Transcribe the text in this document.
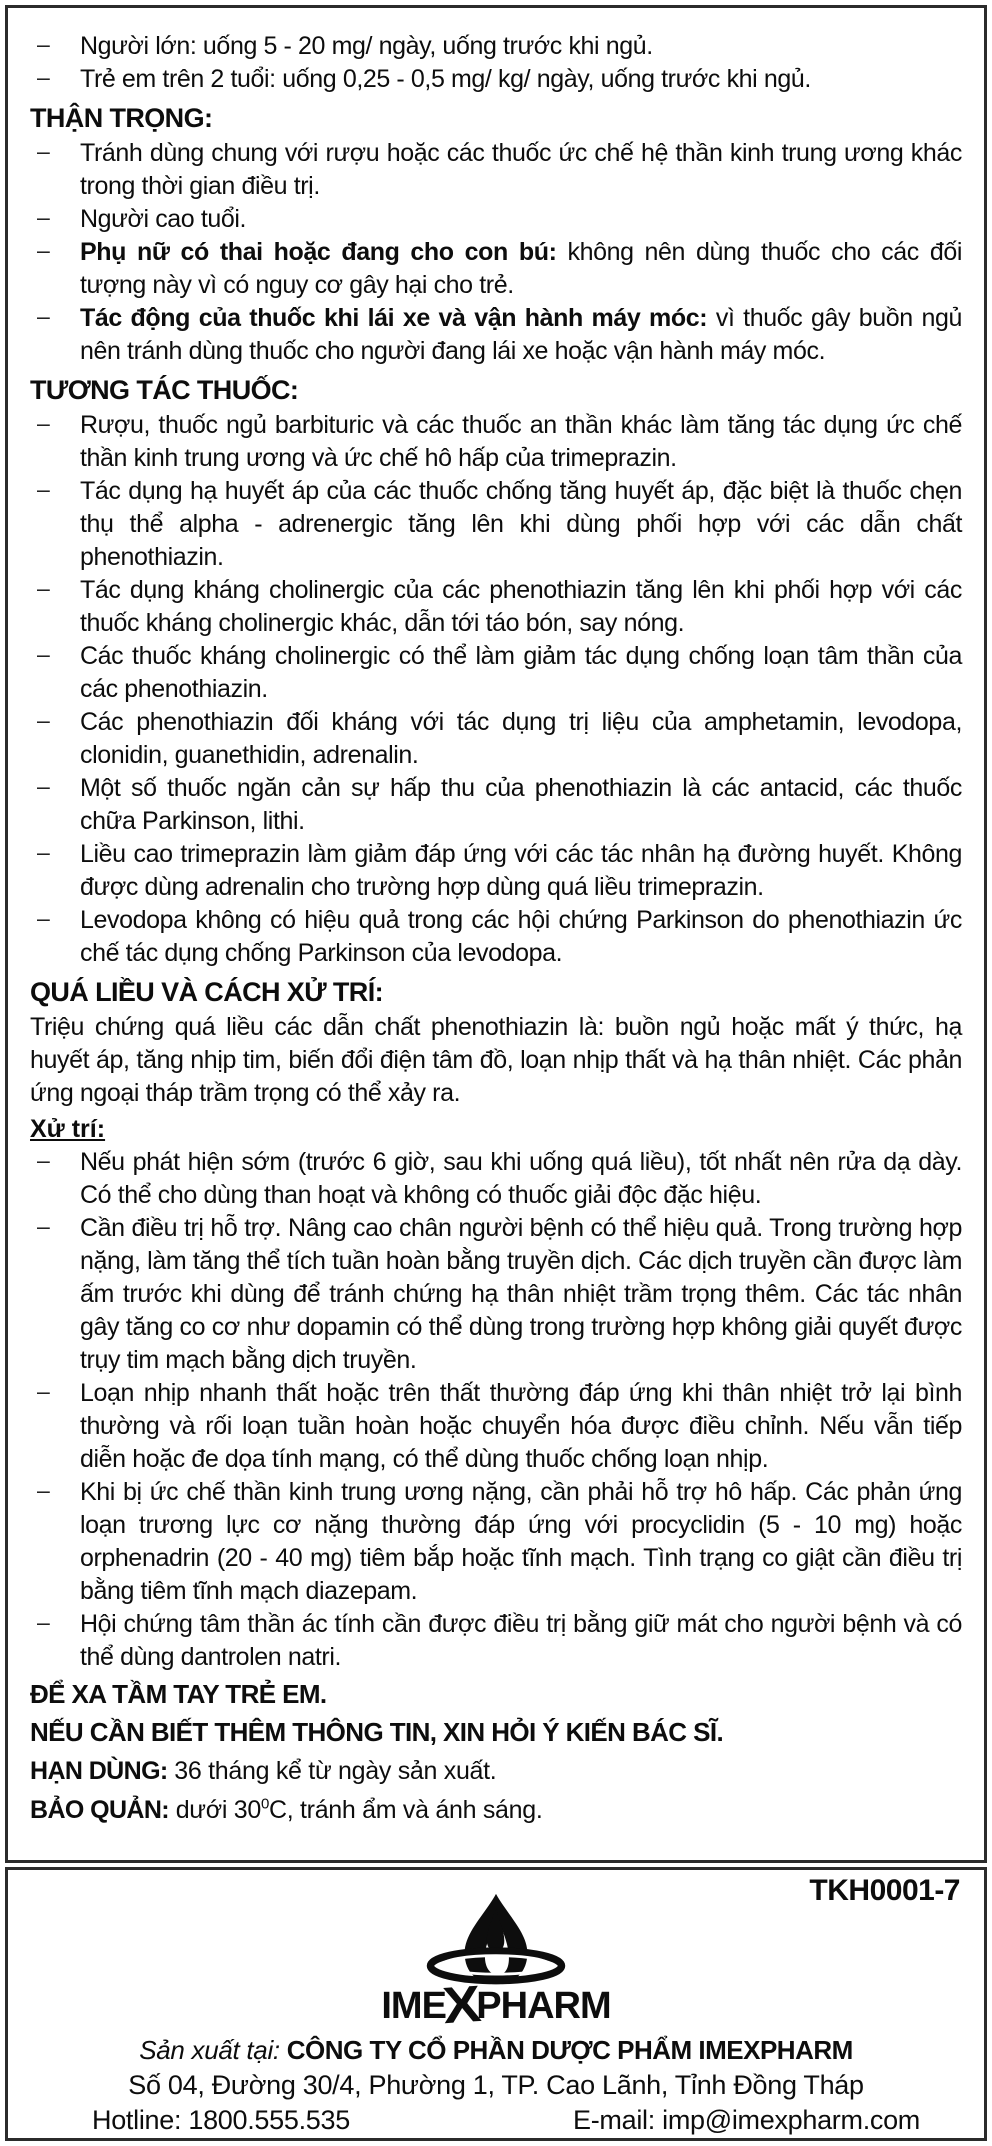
– Người lớn: uống 5 - 20 mg/ ngày, uống trước khi ngủ.
– Trẻ em trên 2 tuổi: uống 0,25 - 0,5 mg/ kg/ ngày, uống trước khi ngủ.
THẬN TRỌNG:
– Tránh dùng chung với rượu hoặc các thuốc ức chế hệ thần kinh trung ương khác trong thời gian điều trị.
– Người cao tuổi.
– Phụ nữ có thai hoặc đang cho con bú: không nên dùng thuốc cho các đối tượng này vì có nguy cơ gây hại cho trẻ.
– Tác động của thuốc khi lái xe và vận hành máy móc: vì thuốc gây buồn ngủ nên tránh dùng thuốc cho người đang lái xe hoặc vận hành máy móc.
TƯƠNG TÁC THUỐC:
– Rượu, thuốc ngủ barbituric và các thuốc an thần khác làm tăng tác dụng ức chế thần kinh trung ương và ức chế hô hấp của trimeprazin.
– Tác dụng hạ huyết áp của các thuốc chống tăng huyết áp, đặc biệt là thuốc chẹn thụ thể alpha - adrenergic tăng lên khi dùng phối hợp với các dẫn chất phenothiazin.
– Tác dụng kháng cholinergic của các phenothiazin tăng lên khi phối hợp với các thuốc kháng cholinergic khác, dẫn tới táo bón, say nóng.
– Các thuốc kháng cholinergic có thể làm giảm tác dụng chống loạn tâm thần của các phenothiazin.
– Các phenothiazin đối kháng với tác dụng trị liệu của amphetamin, levodopa, clonidin, guanethidin, adrenalin.
– Một số thuốc ngăn cản sự hấp thu của phenothiazin là các antacid, các thuốc chữa Parkinson, lithi.
– Liều cao trimeprazin làm giảm đáp ứng với các tác nhân hạ đường huyết. Không được dùng adrenalin cho trường hợp dùng quá liều trimeprazin.
– Levodopa không có hiệu quả trong các hội chứng Parkinson do phenothiazin ức chế tác dụng chống Parkinson của levodopa.
QUÁ LIỀU VÀ CÁCH XỬ TRÍ:
Triệu chứng quá liều các dẫn chất phenothiazin là: buồn ngủ hoặc mất ý thức, hạ huyết áp, tăng nhịp tim, biến đổi điện tâm đồ, loạn nhịp thất và hạ thân nhiệt. Các phản ứng ngoại tháp trầm trọng có thể xảy ra.
Xử trí:
– Nếu phát hiện sớm (trước 6 giờ, sau khi uống quá liều), tốt nhất nên rửa dạ dày. Có thể cho dùng than hoạt và không có thuốc giải độc đặc hiệu.
– Cần điều trị hỗ trợ. Nâng cao chân người bệnh có thể hiệu quả. Trong trường hợp nặng, làm tăng thể tích tuần hoàn bằng truyền dịch. Các dịch truyền cần được làm ấm trước khi dùng để tránh chứng hạ thân nhiệt trầm trọng thêm. Các tác nhân gây tăng co cơ như dopamin có thể dùng trong trường hợp không giải quyết được trụy tim mạch bằng dịch truyền.
– Loạn nhịp nhanh thất hoặc trên thất thường đáp ứng khi thân nhiệt trở lại bình thường và rối loạn tuần hoàn hoặc chuyển hóa được điều chỉnh. Nếu vẫn tiếp diễn hoặc đe dọa tính mạng, có thể dùng thuốc chống loạn nhịp.
– Khi bị ức chế thần kinh trung ương nặng, cần phải hỗ trợ hô hấp. Các phản ứng loạn trương lực cơ nặng thường đáp ứng với procyclidin (5 - 10 mg) hoặc orphenadrin (20 - 40 mg) tiêm bắp hoặc tĩnh mạch. Tình trạng co giật cần điều trị bằng tiêm tĩnh mạch diazepam.
– Hội chứng tâm thần ác tính cần được điều trị bằng giữ mát cho người bệnh và có thể dùng dantrolen natri.
ĐỂ XA TẦM TAY TRẺ EM.
NẾU CẦN BIẾT THÊM THÔNG TIN, XIN HỎI Ý KIẾN BÁC SĨ.
HẠN DÙNG: 36 tháng kể từ ngày sản xuất.
BẢO QUẢN: dưới $30^0C$, tránh ẩm và ánh sáng.
TKH0001-7
IMEXPHARM
Sản xuất tại: CÔNG TY CỔ PHẦN DƯỢC PHẨM IMEXPHARM
Số 04, Đường 30/4, Phường 1, TP. Cao Lãnh, Tỉnh Đồng Tháp
Hotline: 1800.555.535	E-mail: imp@imexpharm.com
